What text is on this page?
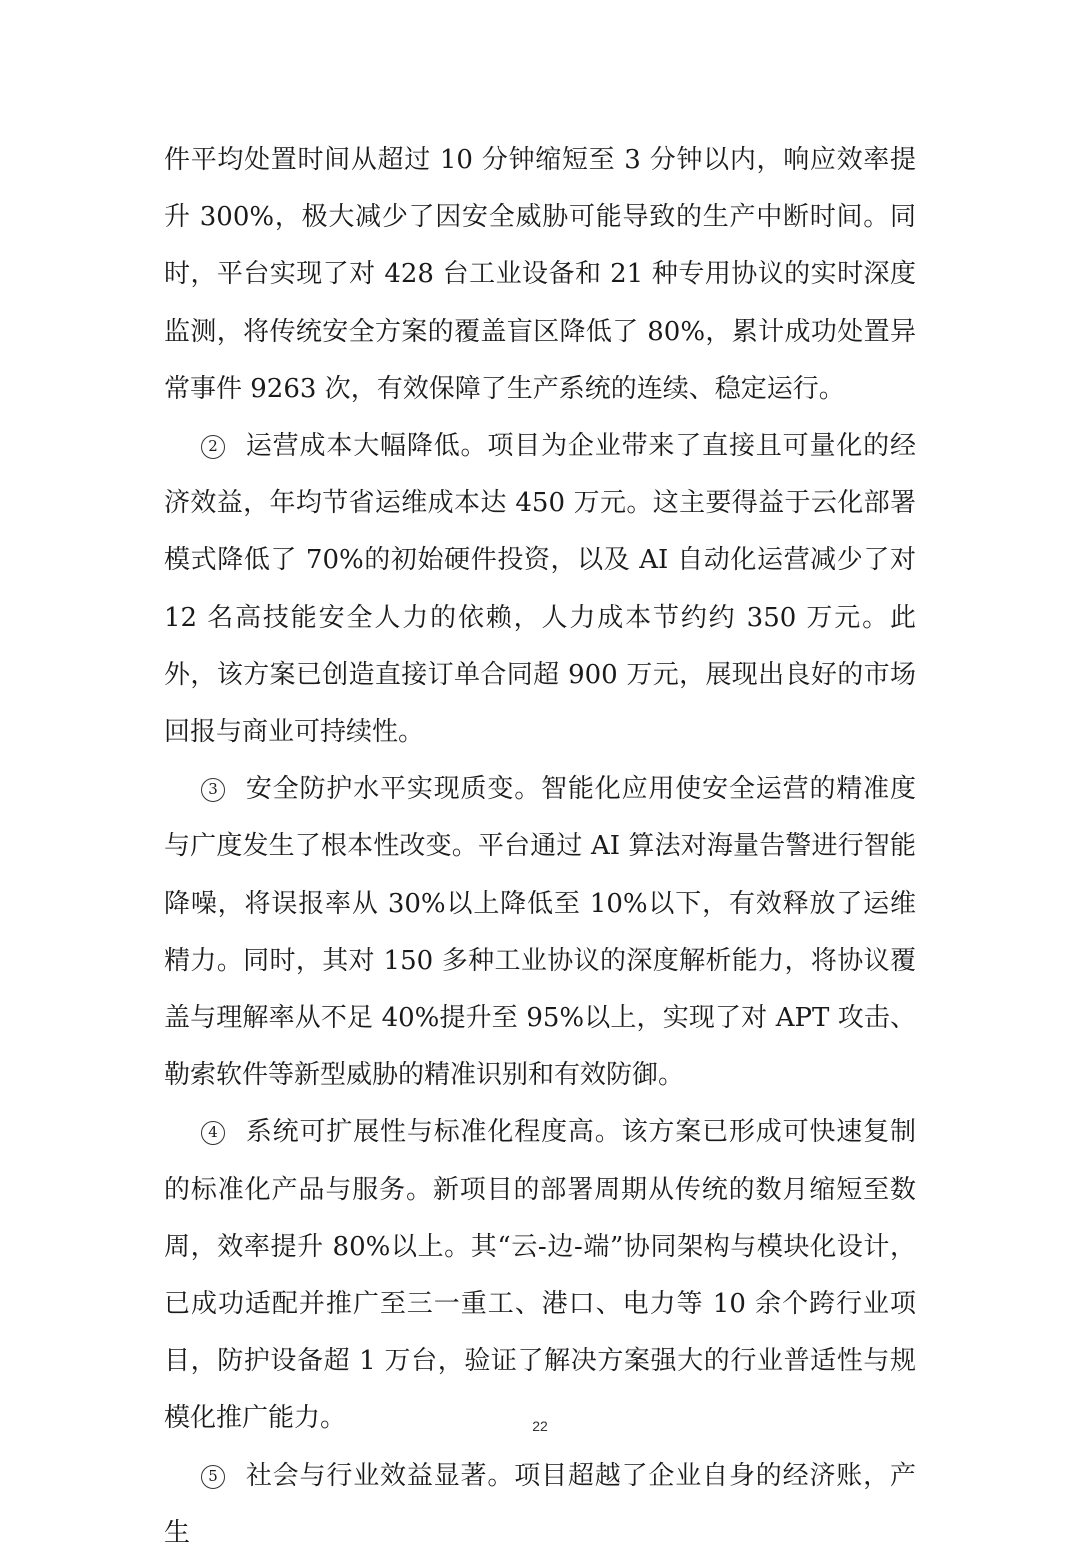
件平均处置时间从超过 10 分钟缩短至 3 分钟以内，响应效率提升 300%，极大减少了因安全威胁可能导致的生产中断时间。同时，平台实现了对 428 台工业设备和 21 种专用协议的实时深度监测，将传统安全方案的覆盖盲区降低了 80%，累计成功处置异常事件 9263 次，有效保障了生产系统的连续、稳定运行。

2 运营成本大幅降低。项目为企业带来了直接且可量化的经济效益，年均节省运维成本达 450 万元。这主要得益于云化部署模式降低了 70%的初始硬件投资，以及 AI 自动化运营减少了对 12 名高技能安全人力的依赖，人力成本节约约 350 万元。此外，该方案已创造直接订单合同超 900 万元，展现出良好的市场回报与商业可持续性。

3 安全防护水平实现质变。智能化应用使安全运营的精准度与广度发生了根本性改变。平台通过 AI 算法对海量告警进行智能降噪，将误报率从 30%以上降低至 10%以下，有效释放了运维精力。同时，其对 150 多种工业协议的深度解析能力，将协议覆盖与理解率从不足 40%提升至 95%以上，实现了对 APT 攻击、勒索软件等新型威胁的精准识别和有效防御。

4 系统可扩展性与标准化程度高。该方案已形成可快速复制的标准化产品与服务。新项目的部署周期从传统的数月缩短至数周，效率提升 80%以上。其“云-边-端”协同架构与模块化设计，已成功适配并推广至三一重工、港口、电力等 10 余个跨行业项目，防护设备超 1 万台，验证了解决方案强大的行业普适性与规模化推广能力。

5 社会与行业效益显著。项目超越了企业自身的经济账，产生

22
